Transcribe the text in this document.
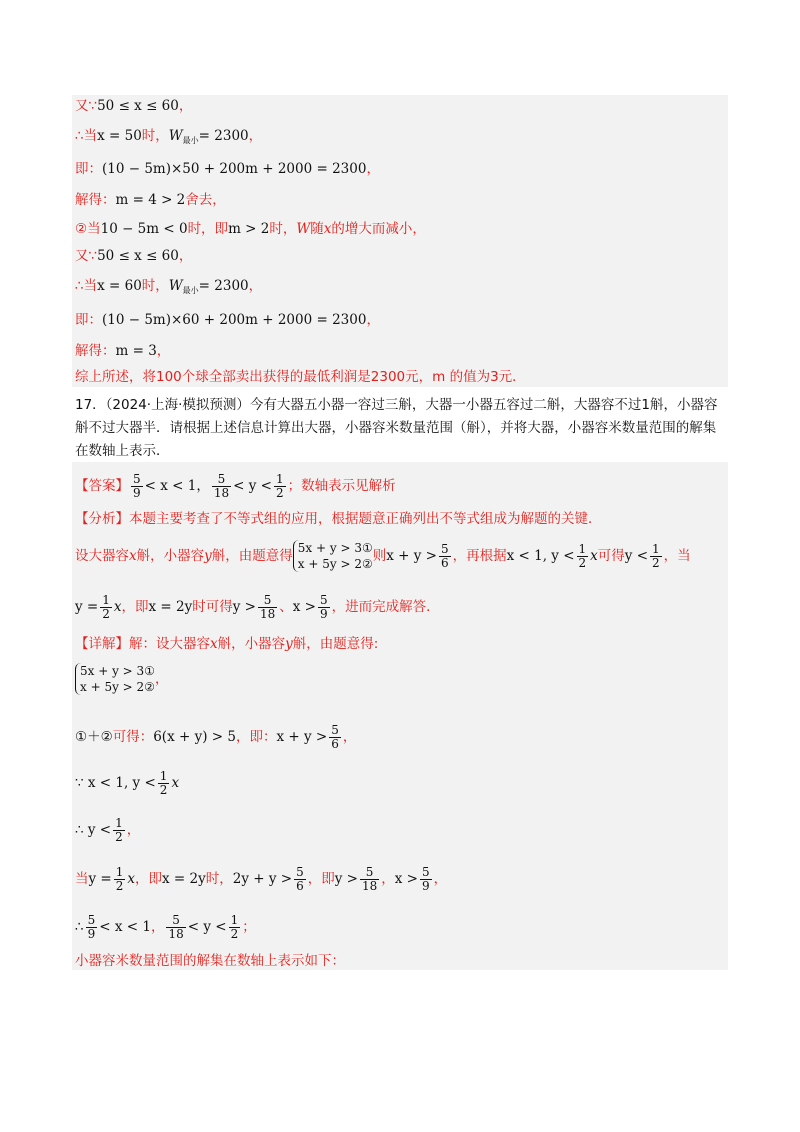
又∵50 ≤ x ≤ 60，
∴当x = 50时，$W_{最小}= 2300$，
即：(10 − 5m)×50 + 200m + 2000 = 2300，
解得：m = 4 > 2舍去，
②当10 − 5m < 0时，即m > 2时，W随x的增大而减小，
又∵50 ≤ x ≤ 60，
∴当x = 60时，$W_{最小}= 2300$，
即：(10 − 5m)×60 + 200m + 2000 = 2300，
解得：m = 3，
综上所述，将100个球全部卖出获得的最低利润是2300元，m 的值为3元．
17．（2024·上海·模拟预测）今有大器五小器一容过三斛，大器一小器五容过二斛，大器容不过1斛，小器容斛不过大器半．请根据上述信息计算出大器，小器容米数量范围（斛），并将大器，小器容米数量范围的解集在数轴上表示．
【答案】 $\frac{5}{9} < x < 1$， $\frac{5}{18} < y < \frac{1}{2}$ ；数轴表示见解析
【分析】本题主要考查了不等式组的应用，根据题意正确列出不等式组成为解题的关键．
设大器容x斛，小器容y斛，由题意得 5x + y > 3①
x + 5y > 2② 则$x + y > \frac{5}{6}$ ，再根据x < 1, $y < \frac{1}{2}$ x可得$y < \frac{1}{2}$ ，当
$y = \frac{1}{2}$ x，即x = 2y时可得$y > \frac{5}{18}$ 、$x > \frac{5}{9}$ ，进而完成解答．
【详解】解：设大器容x斛，小器容y斛，由题意得:
5x + y > 3①
x + 5y > 2② ，
①＋②可得：6(x + y) > 5，即：$x + y > \frac{5}{6}$ ，
∵ x < 1, $y < \frac{1}{2}$ x
∴ $y < \frac{1}{2}$ ，
当$y = \frac{1}{2}$ x，即x = 2y时，$2y + y > \frac{5}{6}$ ，即$y > \frac{5}{18}$ ，$x > \frac{5}{9}$ ，
∴ $\frac{5}{9} < x < 1$， $\frac{5}{18} < y < \frac{1}{2}$ ；
小器容米数量范围的解集在数轴上表示如下：
